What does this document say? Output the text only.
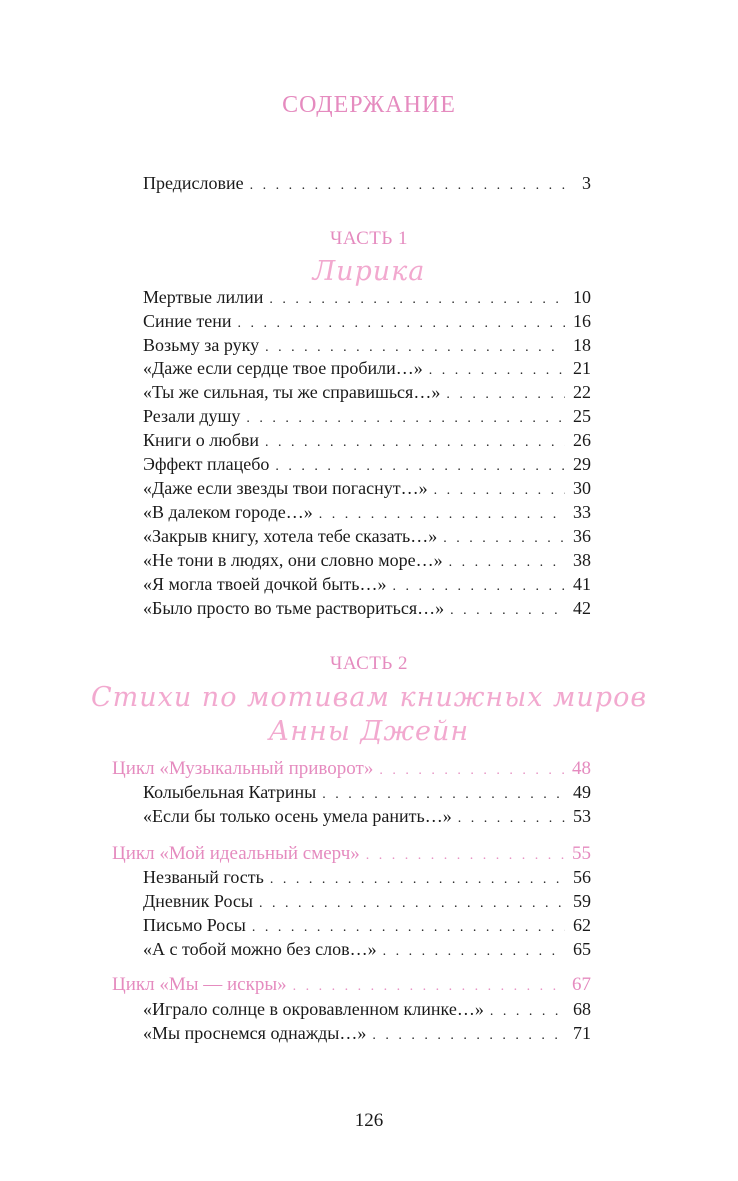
СОДЕРЖАНИЕ
Предисловие . . .	3
ЧАСТЬ 1
Лирика
Мертвые лилии . . .	10
Синие тени . . .	16
Возьму за руку . . .	18
«Даже если сердце твое пробили…» . . .	21
«Ты же сильная, ты же справишься…» . . .	22
Резали душу . . .	25
Книги о любви . . .	26
Эффект плацебо . . .	29
«Даже если звезды твои погаснут…» . . .	30
«В далеком городе…» . . .	33
«Закрыв книгу, хотела тебе сказать…» . . .	36
«Не тони в людях, они словно море…» . . .	38
«Я могла твоей дочкой быть…» . . .	41
«Было просто во тьме раствориться…» . . .	42
ЧАСТЬ 2
Стихи по мотивам книжных миров
Анны Джейн
Цикл «Музыкальный приворот» . . .	48
Колыбельная Катрины . . .	49
«Если бы только осень умела ранить…» . . .	53
Цикл «Мой идеальный смерч» . . .	55
Незваный гость . . .	56
Дневник Росы . . .	59
Письмо Росы . . .	62
«А с тобой можно без слов…» . . .	65
Цикл «Мы — искры» . . .	67
«Играло солнце в окровавленном клинке…» . . .	68
«Мы проснемся однажды…» . . .	71
126
